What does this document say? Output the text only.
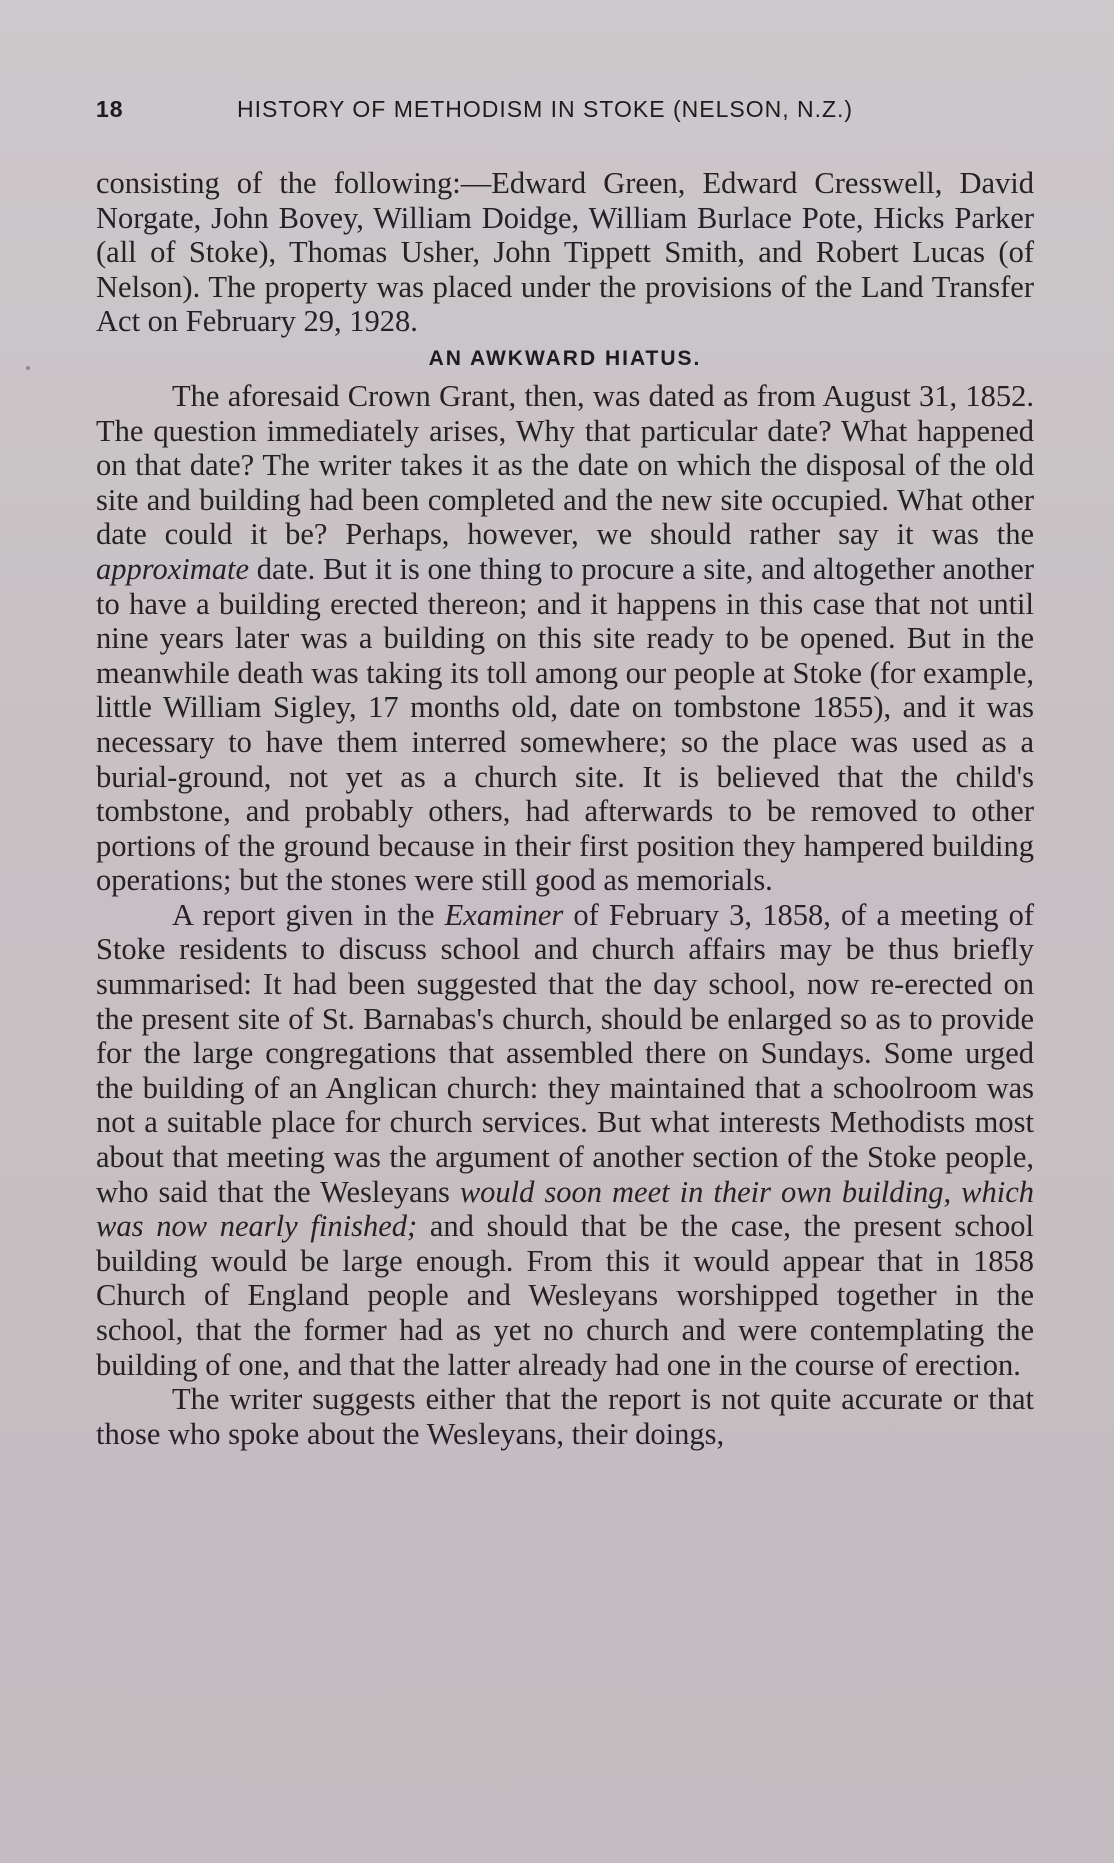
18	HISTORY OF METHODISM IN STOKE (NELSON, N.Z.)

consisting of the following:—Edward Green, Edward Cresswell, David Norgate, John Bovey, William Doidge, William Burlace Pote, Hicks Parker (all of Stoke), Thomas Usher, John Tippett Smith, and Robert Lucas (of Nelson). The property was placed under the provisions of the Land Transfer Act on February 29, 1928.

AN AWKWARD HIATUS.

The aforesaid Crown Grant, then, was dated as from August 31, 1852. The question immediately arises, Why that particular date? What happened on that date? The writer takes it as the date on which the disposal of the old site and building had been completed and the new site occupied. What other date could it be? Perhaps, however, we should rather say it was the approximate date. But it is one thing to procure a site, and altogether another to have a building erected thereon; and it happens in this case that not until nine years later was a building on this site ready to be opened. But in the meanwhile death was taking its toll among our people at Stoke (for example, little William Sigley, 17 months old, date on tombstone 1855), and it was necessary to have them interred somewhere; so the place was used as a burial-ground, not yet as a church site. It is believed that the child's tombstone, and probably others, had afterwards to be removed to other portions of the ground because in their first position they hampered building operations; but the stones were still good as memorials.

A report given in the Examiner of February 3, 1858, of a meeting of Stoke residents to discuss school and church affairs may be thus briefly summarised: It had been suggested that the day school, now re-erected on the present site of St. Barnabas's church, should be enlarged so as to provide for the large congregations that assembled there on Sundays. Some urged the building of an Anglican church: they maintained that a schoolroom was not a suitable place for church services. But what interests Methodists most about that meeting was the argument of another section of the Stoke people, who said that the Wesleyans would soon meet in their own building, which was now nearly finished; and should that be the case, the present school building would be large enough. From this it would appear that in 1858 Church of England people and Wesleyans worshipped together in the school, that the former had as yet no church and were contemplating the building of one, and that the latter already had one in the course of erection.

The writer suggests either that the report is not quite accurate or that those who spoke about the Wesleyans, their doings,
